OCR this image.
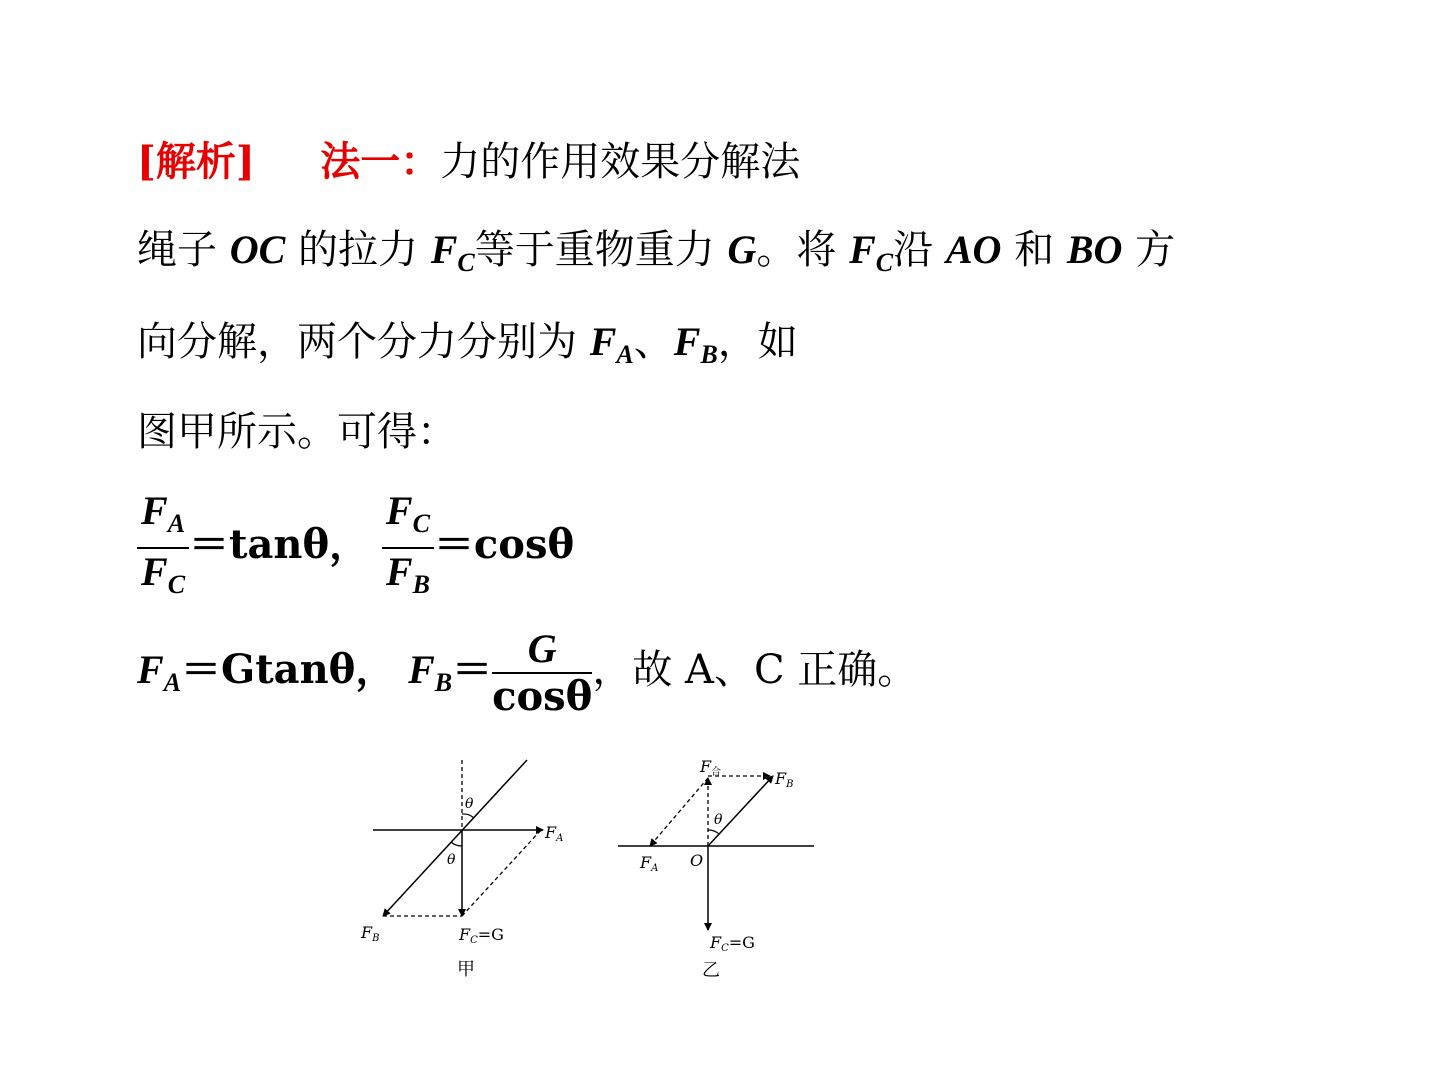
[解析] 法一：力的作用效果分解法
绳子 OC 的拉力 $F_C$等于重物重力 G。将 $F_C$沿 AO 和 BO 方
向分解，两个分力分别为 $F_A$、$F_B$，如
图甲所示。可得：
$\frac{F_A}{F_C} =\tan\theta$， $\frac{F_C}{F_B} =\cos\theta$
$F_A=Gtan\theta$， $F_B= \frac{G}{\cos\theta}$ ，故 A、C 正确。
θ
θ
FA
FB	FC=G
甲
θ
F合	FB
FA O
FC=G
乙
